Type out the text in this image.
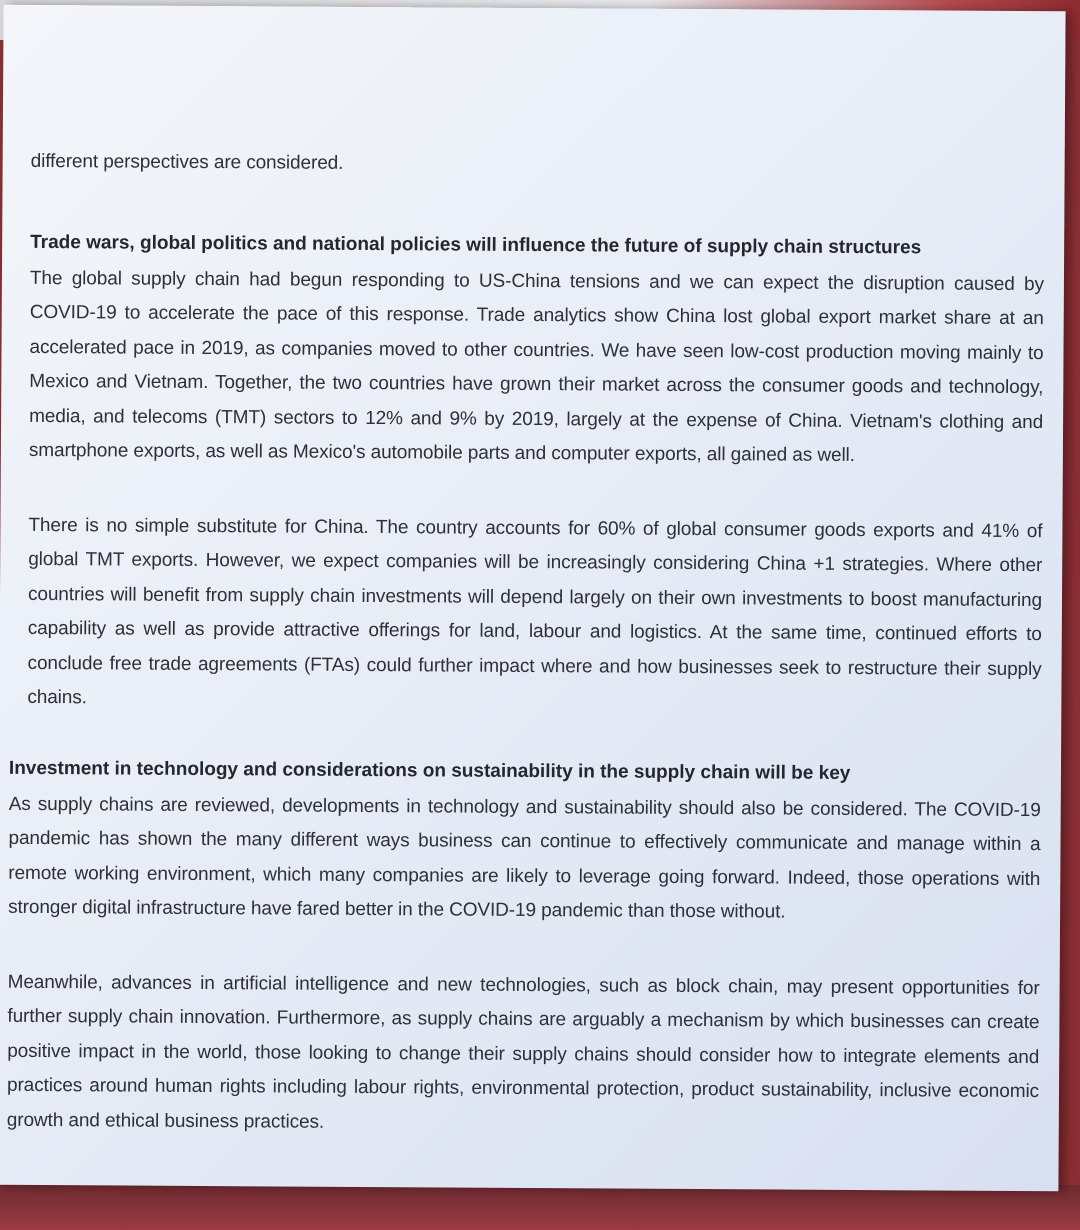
different perspectives are considered.

Trade wars, global politics and national policies will influence the future of supply chain structures

The global supply chain had begun responding to US-China tensions and we can expect the disruption caused by COVID-19 to accelerate the pace of this response. Trade analytics show China lost global export market share at an accelerated pace in 2019, as companies moved to other countries. We have seen low-cost production moving mainly to Mexico and Vietnam. Together, the two countries have grown their market across the consumer goods and technology, media, and telecoms (TMT) sectors to 12% and 9% by 2019, largely at the expense of China. Vietnam's clothing and smartphone exports, as well as Mexico's automobile parts and computer exports, all gained as well.

There is no simple substitute for China. The country accounts for 60% of global consumer goods exports and 41% of global TMT exports. However, we expect companies will be increasingly considering China +1 strategies. Where other countries will benefit from supply chain investments will depend largely on their own investments to boost manufacturing capability as well as provide attractive offerings for land, labour and logistics. At the same time, continued efforts to conclude free trade agreements (FTAs) could further impact where and how businesses seek to restructure their supply chains.

Investment in technology and considerations on sustainability in the supply chain will be key

As supply chains are reviewed, developments in technology and sustainability should also be considered. The COVID-19 pandemic has shown the many different ways business can continue to effectively communicate and manage within a remote working environment, which many companies are likely to leverage going forward. Indeed, those operations with stronger digital infrastructure have fared better in the COVID-19 pandemic than those without.

Meanwhile, advances in artificial intelligence and new technologies, such as block chain, may present opportunities for further supply chain innovation. Furthermore, as supply chains are arguably a mechanism by which businesses can create positive impact in the world, those looking to change their supply chains should consider how to integrate elements and practices around human rights including labour rights, environmental protection, product sustainability, inclusive economic growth and ethical business practices.
